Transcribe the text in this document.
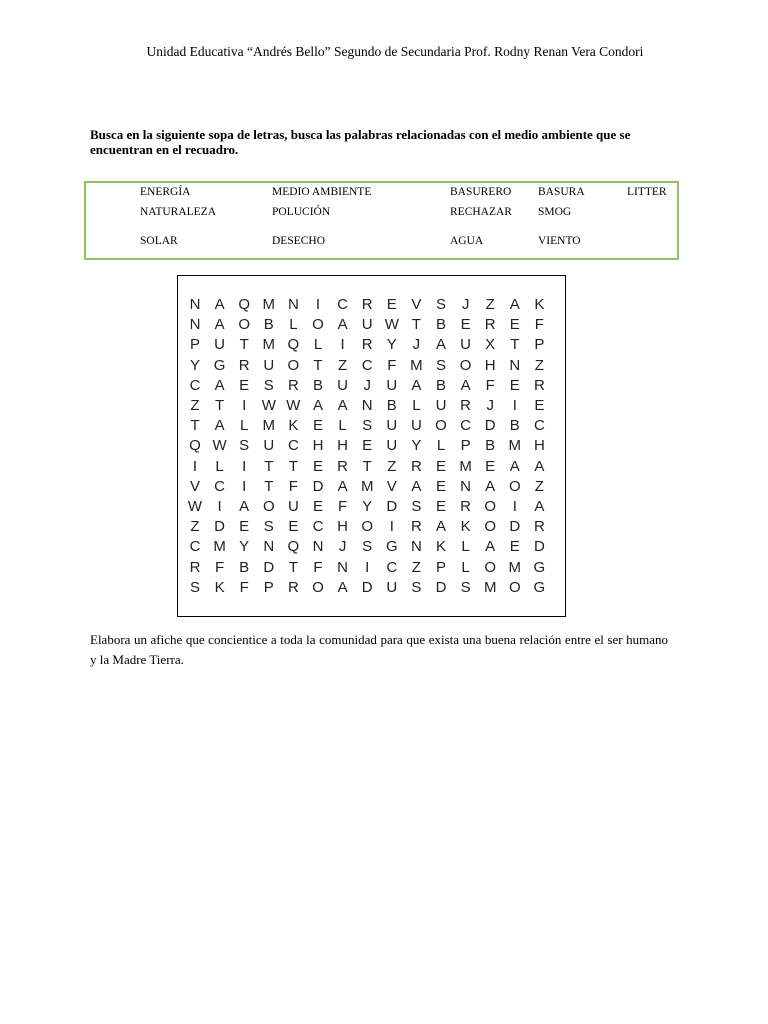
Unidad Educativa “Andrés Bello” Segundo de Secundaria Prof. Rodny Renan Vera Condori
Busca en la siguiente sopa de letras, busca las palabras relacionadas con el medio ambiente que se encuentran en el recuadro.
ENERGÍA	MEDIO AMBIENTE	BASURERO BASURA	LITTER
NATURALEZA	POLUCIÓN	RECHAZAR SMOG
SOLAR	DESECHO	AGUA	VIENTO
N A Q M N	I	C R E V S	J	Z	A K
N A O B	L O A U W T	B E R E	F
P U T M Q L	I	R Y	J	A U X	T	P
Y G R U O T	Z C F M S O H N Z
C A E S R B U	J	U A B A	F	E R
Z	T	I	W W A A N B	L	U R	J	I	E
T	A	L M K E	L	S U U O C D B C
Q W S U C H H E U Y	L	P B M H
I	L	I	T	T	E R T	Z R E M E A A
V C	I	T	F D A M V A E N A O Z
W	I	A O U E	F	Y D S E R O	I	A
Z D E S E C H O	I	R A K O D R
C M Y N Q N	J	S G N K	L	A E D
R F	B D T	F N	I	C Z	P	L O M G
S K	F	P R O A D U S D S M O G
Elabora un afiche que concientice a toda la comunidad para que exista una buena relación entre el ser humano y la Madre Tierra.
